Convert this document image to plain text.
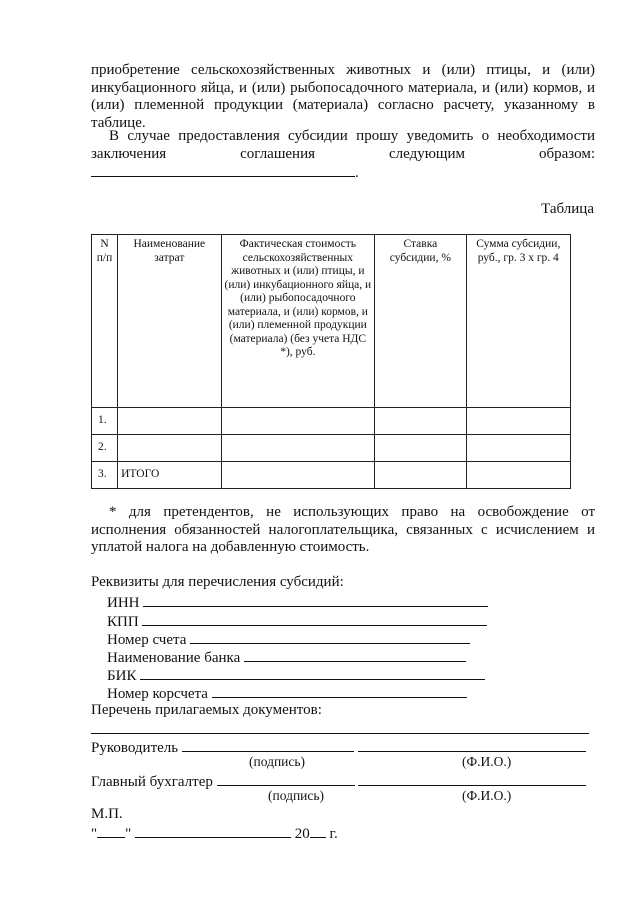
приобретение сельскохозяйственных животных и (или) птицы, и (или) инкубационного яйца, и (или) рыбопосадочного материала, и (или) кормов, и (или) племенной продукции (материала) согласно расчету, указанному в таблице.
В случае предоставления субсидии прошу уведомить о необходимости заключения соглашения следующим образом:
.
Таблица
N п/п	Наименование затрат	Фактическая стоимость сельскохозяйственных животных и (или) птицы, и (или) инкубационного яйца, и (или) рыбопосадочного материала, и (или) кормов, и (или) племенной продукции (материала) (без учета НДС *), руб.	Ставка субсидии, %	Сумма субсидии, руб., гр. 3 x гр. 4
1.				
2.				
3.	ИТОГО			
* для претендентов, не использующих право на освобождение от исполнения обязанностей налогоплательщика, связанных с исчислением и уплатой налога на добавленную стоимость.
Реквизиты для перечисления субсидий:
ИНН
КПП
Номер счета
Наименование банка
БИК
Номер корсчета
Перечень прилагаемых документов:
Руководитель
(подпись)	(Ф.И.О.)
Главный бухгалтер
(подпись)	(Ф.И.О.)
М.П.
" "	20 г.
